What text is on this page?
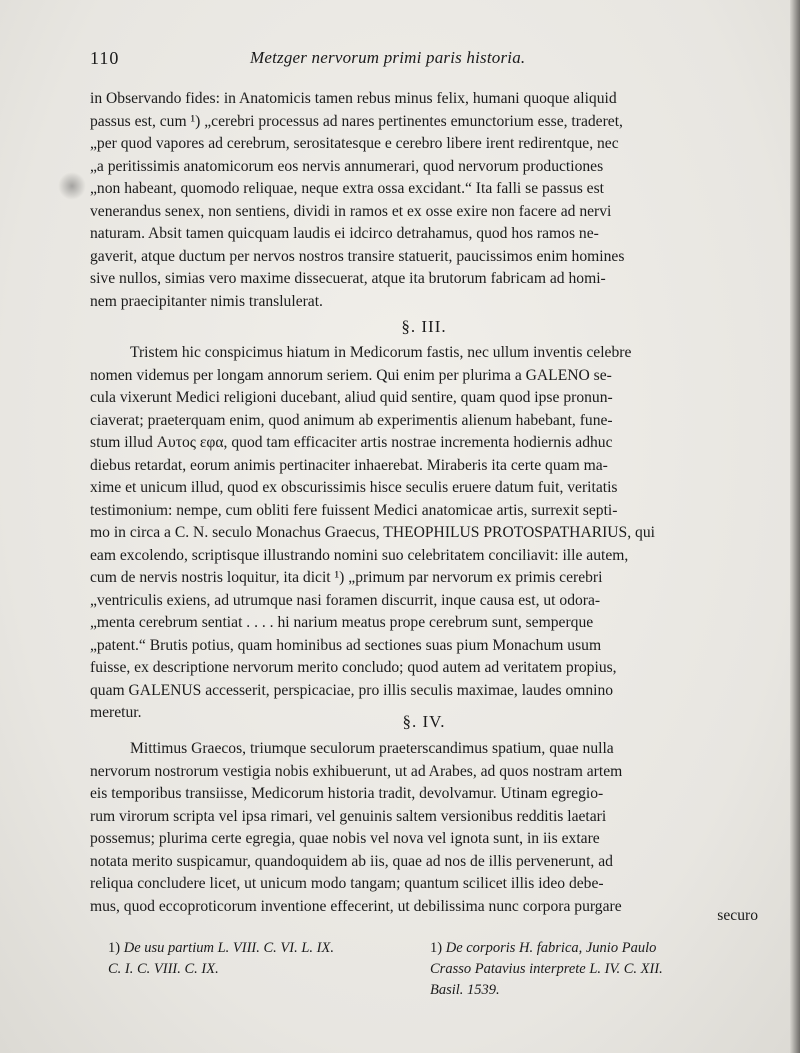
110	Metzger nervorum primi paris historia.
in Observando fides: in Anatomicis tamen rebus minus felix, humani quoque aliquid
passus est, cum ¹) „cerebri processus ad nares pertinentes emunctorium esse, traderet,
„per quod vapores ad cerebrum, serositatesque e cerebro libere irent redirentque, nec
„a peritissimis anatomicorum eos nervis annumerari, quod nervorum productiones
„non habeant, quomodo reliquae, neque extra ossa excidant.“ Ita falli se passus est
venerandus senex, non sentiens, dividi in ramos et ex osse exire non facere ad nervi
naturam. Absit tamen quicquam laudis ei idcirco detrahamus, quod hos ramos ne-
gaverit, atque ductum per nervos nostros transire statuerit, paucissimos enim homines
sive nullos, simias vero maxime dissecuerat, atque ita brutorum fabricam ad homi-
nem praecipitanter nimis translulerat.
§. III.
Tristem hic conspicimus hiatum in Medicorum fastis, nec ullum inventis celebre
nomen videmus per longam annorum seriem. Qui enim per plurima a GALENO se-
cula vixerunt Medici religioni ducebant, aliud quid sentire, quam quod ipse pronun-
ciaverat; praeterquam enim, quod animum ab experimentis alienum habebant, fune-
stum illud Αυτος εφα, quod tam efficaciter artis nostrae incrementa hodiernis adhuc
diebus retardat, eorum animis pertinaciter inhaerebat. Miraberis ita certe quam ma-
xime et unicum illud, quod ex obscurissimis hisce seculis eruere datum fuit, veritatis
testimonium: nempe, cum obliti fere fuissent Medici anatomicae artis, surrexit septi-
mo in circa a C. N. seculo Monachus Graecus, THEOPHILUS PROTOSPATHARIUS, qui
eam excolendo, scriptisque illustrando nomini suo celebritatem conciliavit: ille autem,
cum de nervis nostris loquitur, ita dicit ¹) „primum par nervorum ex primis cerebri
„ventriculis exiens, ad utrumque nasi foramen discurrit, inque causa est, ut odora-
„menta cerebrum sentiat . . . . hi narium meatus prope cerebrum sunt, semperque
„patent.“ Brutis potius, quam hominibus ad sectiones suas pium Monachum usum
fuisse, ex descriptione nervorum merito concludo; quod autem ad veritatem propius,
quam GALENUS accesserit, perspicaciae, pro illis seculis maximae, laudes omnino
meretur.	§. IV.
Mittimus Graecos, triumque seculorum praeterscandimus spatium, quae nulla
nervorum nostrorum vestigia nobis exhibuerunt, ut ad Arabes, ad quos nostram artem
eis temporibus transiisse, Medicorum historia tradit, devolvamur. Utinam egregio-
rum virorum scripta vel ipsa rimari, vel genuinis saltem versionibus redditis laetari
possemus; plurima certe egregia, quae nobis vel nova vel ignota sunt, in iis extare
notata merito suspicamur, quandoquidem ab iis, quae ad nos de illis pervenerunt, ad
reliqua concludere licet, ut unicum modo tangam; quantum scilicet illis ideo debe-
mus, quod eccoproticorum inventione effecerint, ut debilissima nunc corpora purgare
securo
1) De usu partium L. VIII. C. VI. L. IX.
C. I. C. VIII. C. IX.
1) De corporis H. fabrica, Junio Paulo
Crasso Patavius interprete L. IV. C. XII.
Basil. 1539.
